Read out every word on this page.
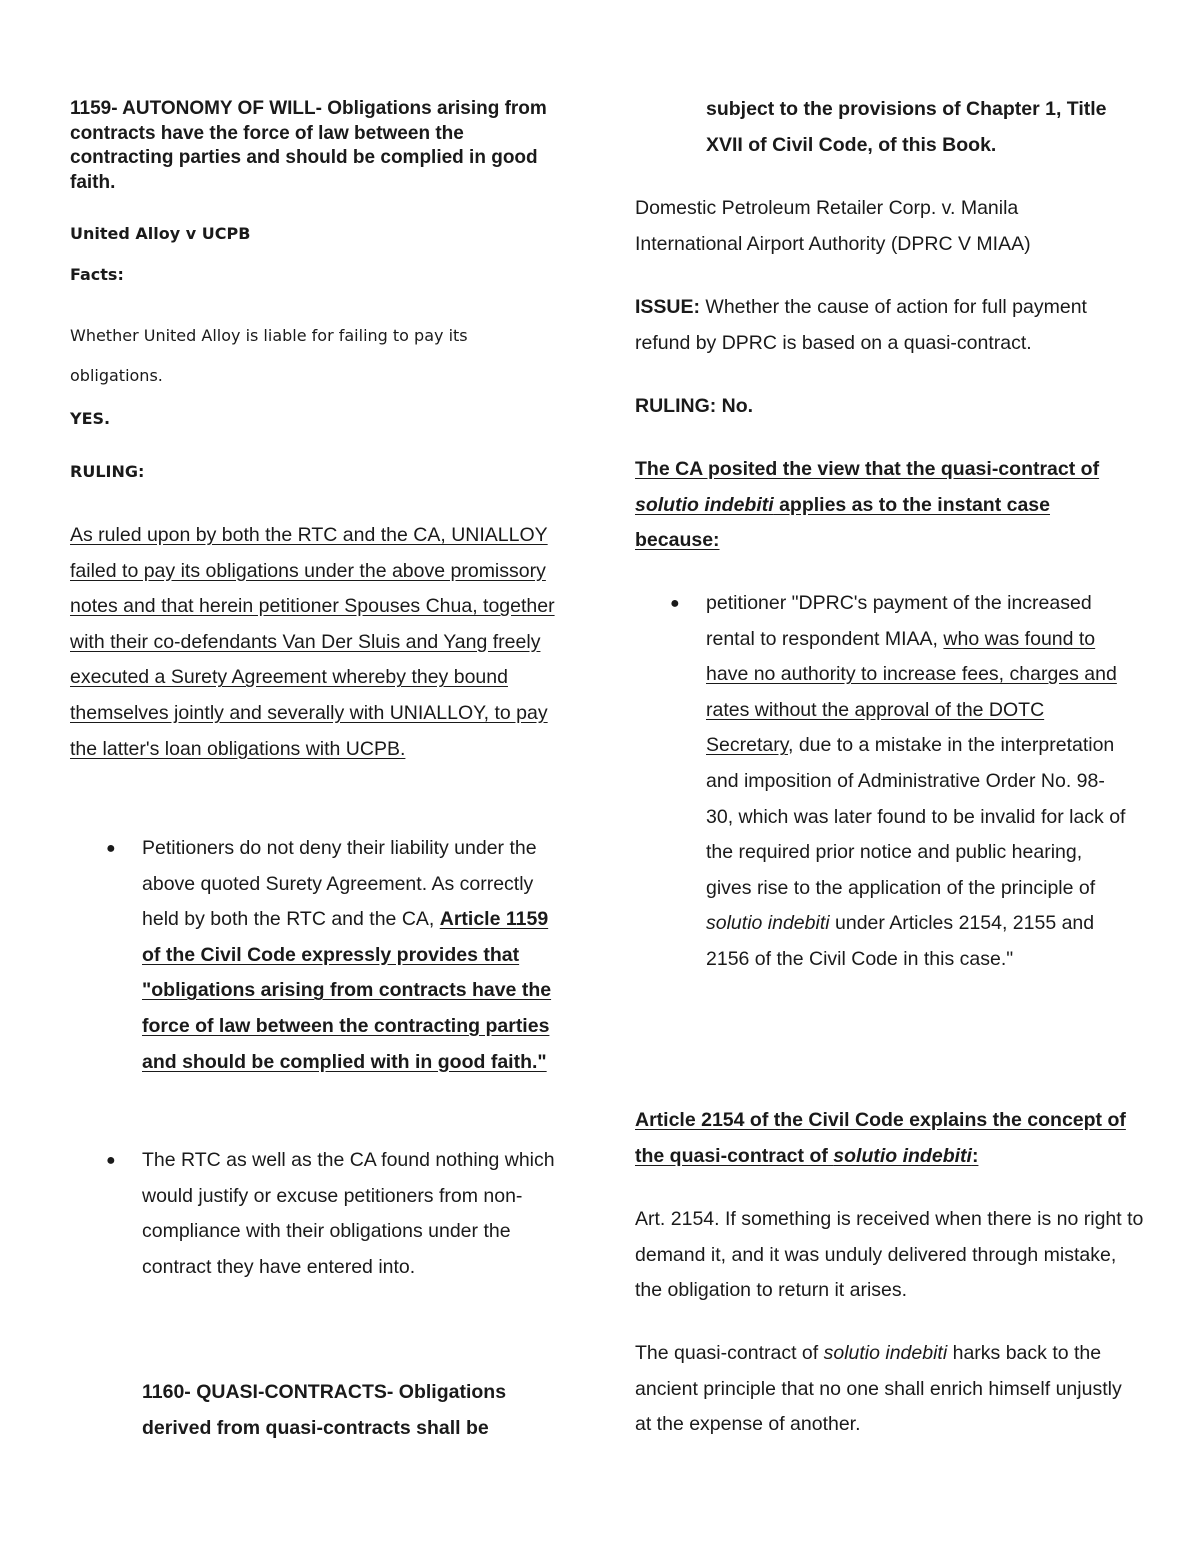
1159- AUTONOMY OF WILL- Obligations arising from contracts have the force of law between the contracting parties and should be complied in good faith.

United Alloy v UCPB

Facts:

Whether United Alloy is liable for failing to pay its obligations.

YES.

RULING:

As ruled upon by both the RTC and the CA, UNIALLOY failed to pay its obligations under the above promissory notes and that herein petitioner Spouses Chua, together with their co-defendants Van Der Sluis and Yang freely executed a Surety Agreement whereby they bound themselves jointly and severally with UNIALLOY, to pay the latter's loan obligations with UCPB.

● Petitioners do not deny their liability under the above quoted Surety Agreement. As correctly held by both the RTC and the CA, Article 1159 of the Civil Code expressly provides that "obligations arising from contracts have the force of law between the contracting parties and should be complied with in good faith."
● The RTC as well as the CA found nothing which would justify or excuse petitioners from non-compliance with their obligations under the contract they have entered into.

1160- QUASI-CONTRACTS- Obligations derived from quasi-contracts shall be

subject to the provisions of Chapter 1, Title XVII of Civil Code, of this Book.

Domestic Petroleum Retailer Corp. v. Manila International Airport Authority (DPRC V MIAA)

ISSUE: Whether the cause of action for full payment refund by DPRC is based on a quasi-contract.

RULING: No.

The CA posited the view that the quasi-contract of solutio indebiti applies as to the instant case because:

● petitioner "DPRC's payment of the increased rental to respondent MIAA, who was found to have no authority to increase fees, charges and rates without the approval of the DOTC Secretary, due to a mistake in the interpretation and imposition of Administrative Order No. 98-30, which was later found to be invalid for lack of the required prior notice and public hearing, gives rise to the application of the principle of solutio indebiti under Articles 2154, 2155 and 2156 of the Civil Code in this case."

Article 2154 of the Civil Code explains the concept of the quasi-contract of solutio indebiti:

Art. 2154. If something is received when there is no right to demand it, and it was unduly delivered through mistake, the obligation to return it arises.

The quasi-contract of solutio indebiti harks back to the ancient principle that no one shall enrich himself unjustly at the expense of another.
